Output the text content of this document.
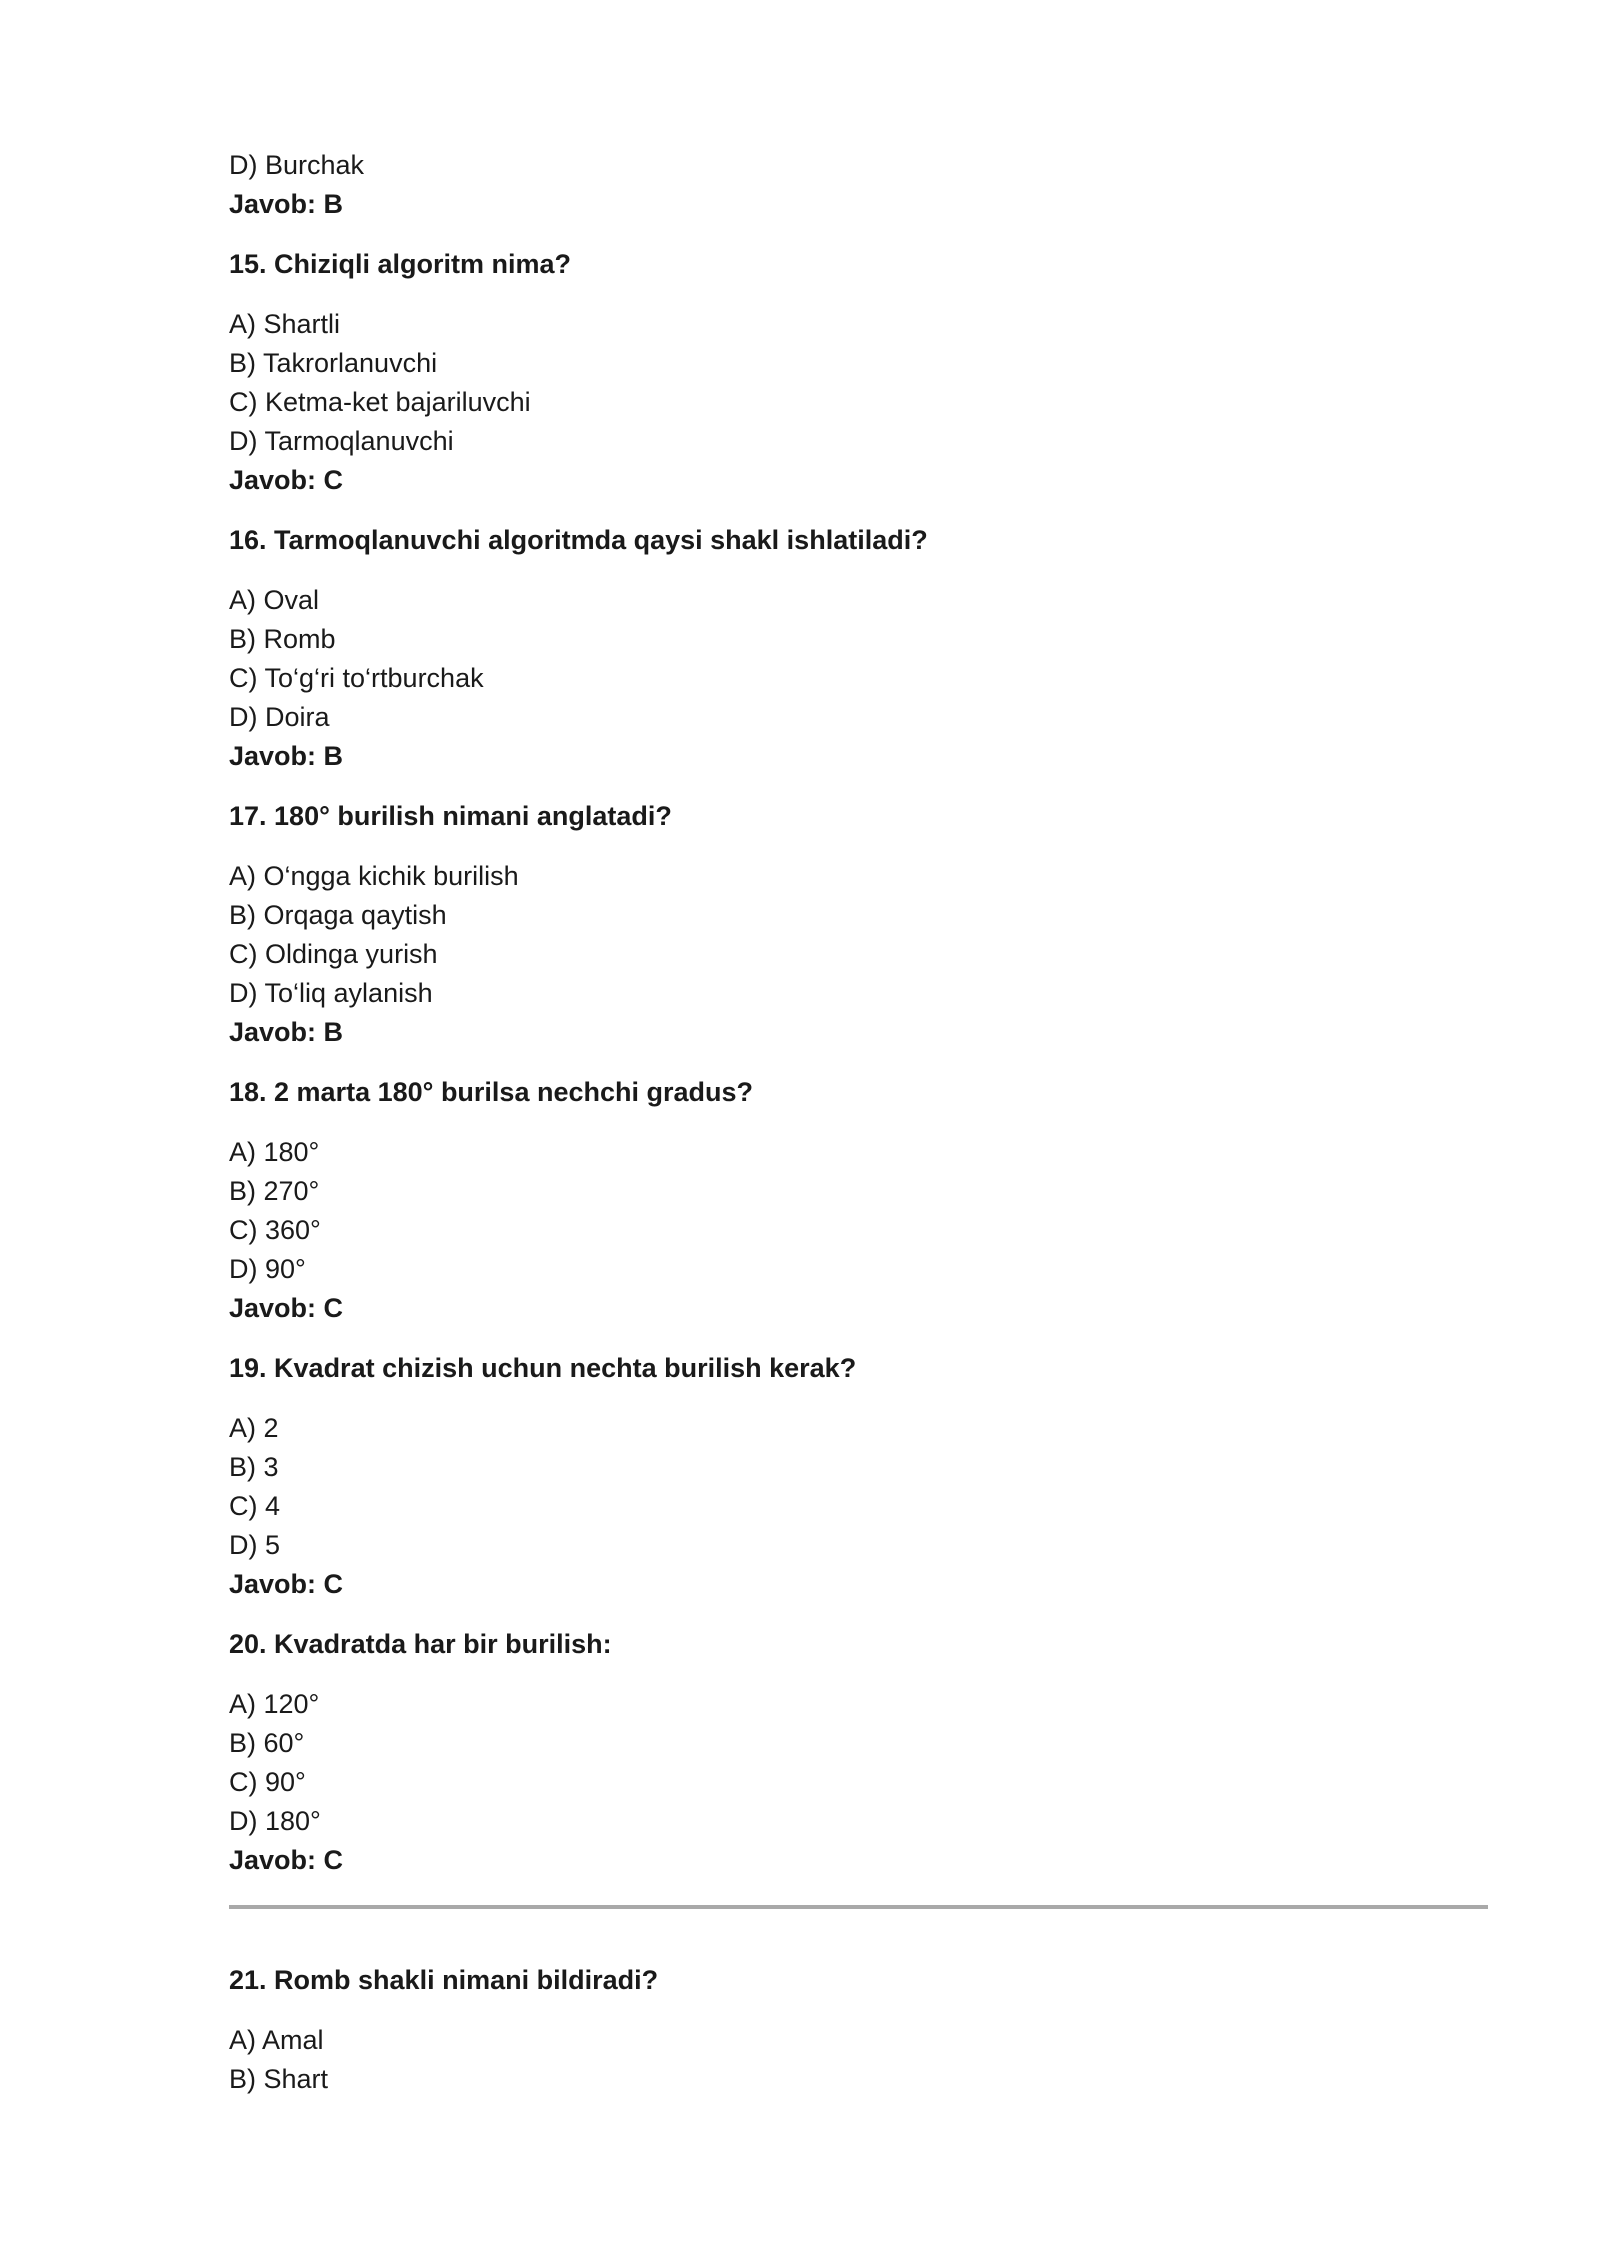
D) Burchak
Javob: B
15. Chiziqli algoritm nima?
A) Shartli
B) Takrorlanuvchi
C) Ketma-ket bajariluvchi
D) Tarmoqlanuvchi
Javob: C
16. Tarmoqlanuvchi algoritmda qaysi shakl ishlatiladi?
A) Oval
B) Romb
C) To‘g‘ri to‘rtburchak
D) Doira
Javob: B
17. 180° burilish nimani anglatadi?
A) O‘ngga kichik burilish
B) Orqaga qaytish
C) Oldinga yurish
D) To‘liq aylanish
Javob: B
18. 2 marta 180° burilsa nechchi gradus?
A) 180°
B) 270°
C) 360°
D) 90°
Javob: C
19. Kvadrat chizish uchun nechta burilish kerak?
A) 2
B) 3
C) 4
D) 5
Javob: C
20. Kvadratda har bir burilish:
A) 120°
B) 60°
C) 90°
D) 180°
Javob: C
21. Romb shakli nimani bildiradi?
A) Amal
B) Shart
